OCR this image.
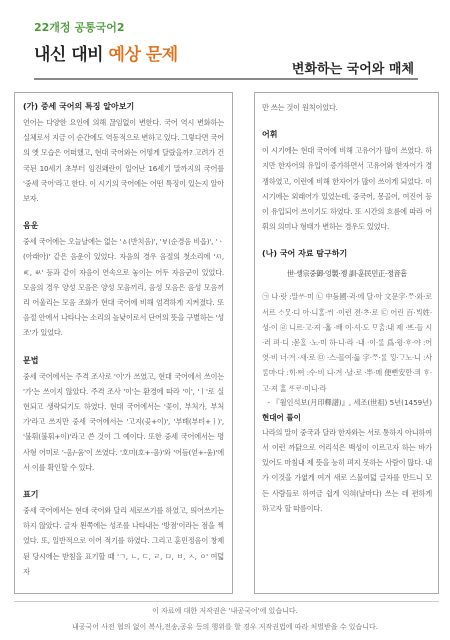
22개정 공통국어2
내신 대비 예상 문제
변화하는 국어와 매체
(가) 중세 국어의 특징 알아보기
언어는 다양한 요인에 의해 끊임없이 변한다. 국어 역시 변화하는 실체로서 지금 이 순간에도 역동적으로 변하고 있다. 그렇다면 국어의 옛 모습은 어떠했고, 현대 국어와는 어떻게 달랐을까? 고려가 건국된 10세기 초부터 임진왜란이 일어난 16세기 말까지의 국어를 '중세 국어'라고 한다. 이 시기의 국어에는 어떤 특징이 있는지 알아보자.
음운
중세 국어에는 오늘날에는 없는 'ㅿ(반치음)', 'ㅸ(순경음 비읍)', 'ㆍ(아래아)' 같은 음운이 있었다. 자음의 경우 음절의 첫소리에 'ㅺ, ㅳ, ㅄ' 등과 같이 자음이 연속으로 놓이는 어두 자음군이 있었다. 모음의 경우 양성 모음은 양성 모음끼리, 음성 모음은 음성 모음끼리 어울리는 모음 조화가 현대 국어에 비해 엄격하게 지켜졌다. 또 음절 안에서 나타나는 소리의 높낮이로서 단어의 뜻을 구별하는 '성조'가 있었다.
문법
중세 국어에서는 주격 조사로 '이'가 쓰였고, 현대 국어에서 쓰이는 '가'는 쓰이지 않았다. 주격 조사 '이'는 환경에 따라 '이', 'ㅣ'로 실현되고 생략되기도 하였다. 현대 국어에서는 '꽃이, 부처가, 부처가'라고 쓰지만 중세 국어에서는 '고지(곶+이)', '부톄(부텨+ㅣ)', '불휘(불휘+이)'라고 쓴 것이 그 예이다. 또한 중세 국어에서는 명사형 어미로 '-옴/-움'이 쓰였다. '호미(호+-옴)'와 '어듬(얻+-움)'에서 이를 확인할 수 있다.
표기
중세 국어에서는 현대 국어와 달리 세로쓰기를 하였고, 띄어쓰기는 하지 않았다. 글자 왼쪽에는 성조를 나타내는 '방점'이라는 점을 찍었다. 또, 일반적으로 이어 적기를 하였다. 그리고 훈민정음이 창제된 당시에는 받침을 표기할 때 'ㄱ, ㄴ, ㄷ, ㄹ, ㅁ, ㅂ, ㅅ, ㅇ' 여덟 자
만 쓰는 것이 원칙이었다.
어휘
이 시기에는 현대 국어에 비해 고유어가 많이 쓰였다. 하지만 한자어의 유입이 증가하면서 고유어와 한자어가 경쟁하였고, 이런에 비해 한자어가 많이 쓰이게 되었다. 이 시기에는 외래어가 있었는데, 중국어, 몽골어, 여진어 등이 유입되어 쓰이기도 하였다. 또 시간의 흐름에 따라 어휘의 의미나 형태가 변하는 경우도 있었다.
(나) 국어 자료 탐구하기
世·솅宗중御·엉製·졩 訓·훈民민正·졍音흠
㉠ 나·랏 :말ᄊᆞ·미 ㉡ 中듕國·귁·에 달·아 文문字·ᄍᆞ·와·로 서르 ᄉᆞᄆᆞᆺ·디 아·니ᄒᆞᆯ·ᄊᆡ ·이런 젼·ᄎᆞ·로 ㉢ 어린 百·ᄇᆡᆨ姓·셩·이 ㉣ 니르·고·져 ·홇 ·배 이·셔·도 ᄆᆞᄎᆞᆷ:내 제 ·ᄠᅳ·들 시·러 펴·디 :몯ᄒᆞᆳ ·노·미 하·니·라 ·내 ·이·ᄅᆞᆯ 爲·윙·ᄒᆞ·야 :어엿·비 너·겨 ·새·로 ㉤ ·스·믈여·듧 字·ᄍᆞ·ᄅᆞᆯ ᄆᆡᇰ·ᄀᆞ노·니 :사ᄅᆞᆷ마·다 :ᄒᆡ·ᅇᅧ :수·비 니·겨 ·날·로 ·ᄡᅮ·메 便뼌安ᅙᅡᆫ·킈 ᄒᆞ·고·져 ᄒᆞᇙ ᄯᆞᄅᆞ·미니·라
- 『월인석보(月印釋譜)』, 세조(世祖) 5년(1459년)
현대어 풀이
나라의 말이 중국과 달라 한자와는 서로 통하지 아니하여서 이런 까닭으로 어리석은 백성이 이르고자 하는 바가 있어도 마침내 제 뜻을 능히 펴지 못하는 사람이 많다. 내가 이것을 가엾게 여겨 새로 스물여덟 글자를 만드니 모든 사람들로 하여금 쉽게 익혀(날마다) 쓰는 데 편하게 하고자 할 따름이다.
이 자료에 대한 저작권은 '내공국어'에 있습니다.
내공국어 사전 협의 없이 복사,전송,공유 등의 행위를 할 경우 저작권법에 따라 처벌받을 수 있습니다.
